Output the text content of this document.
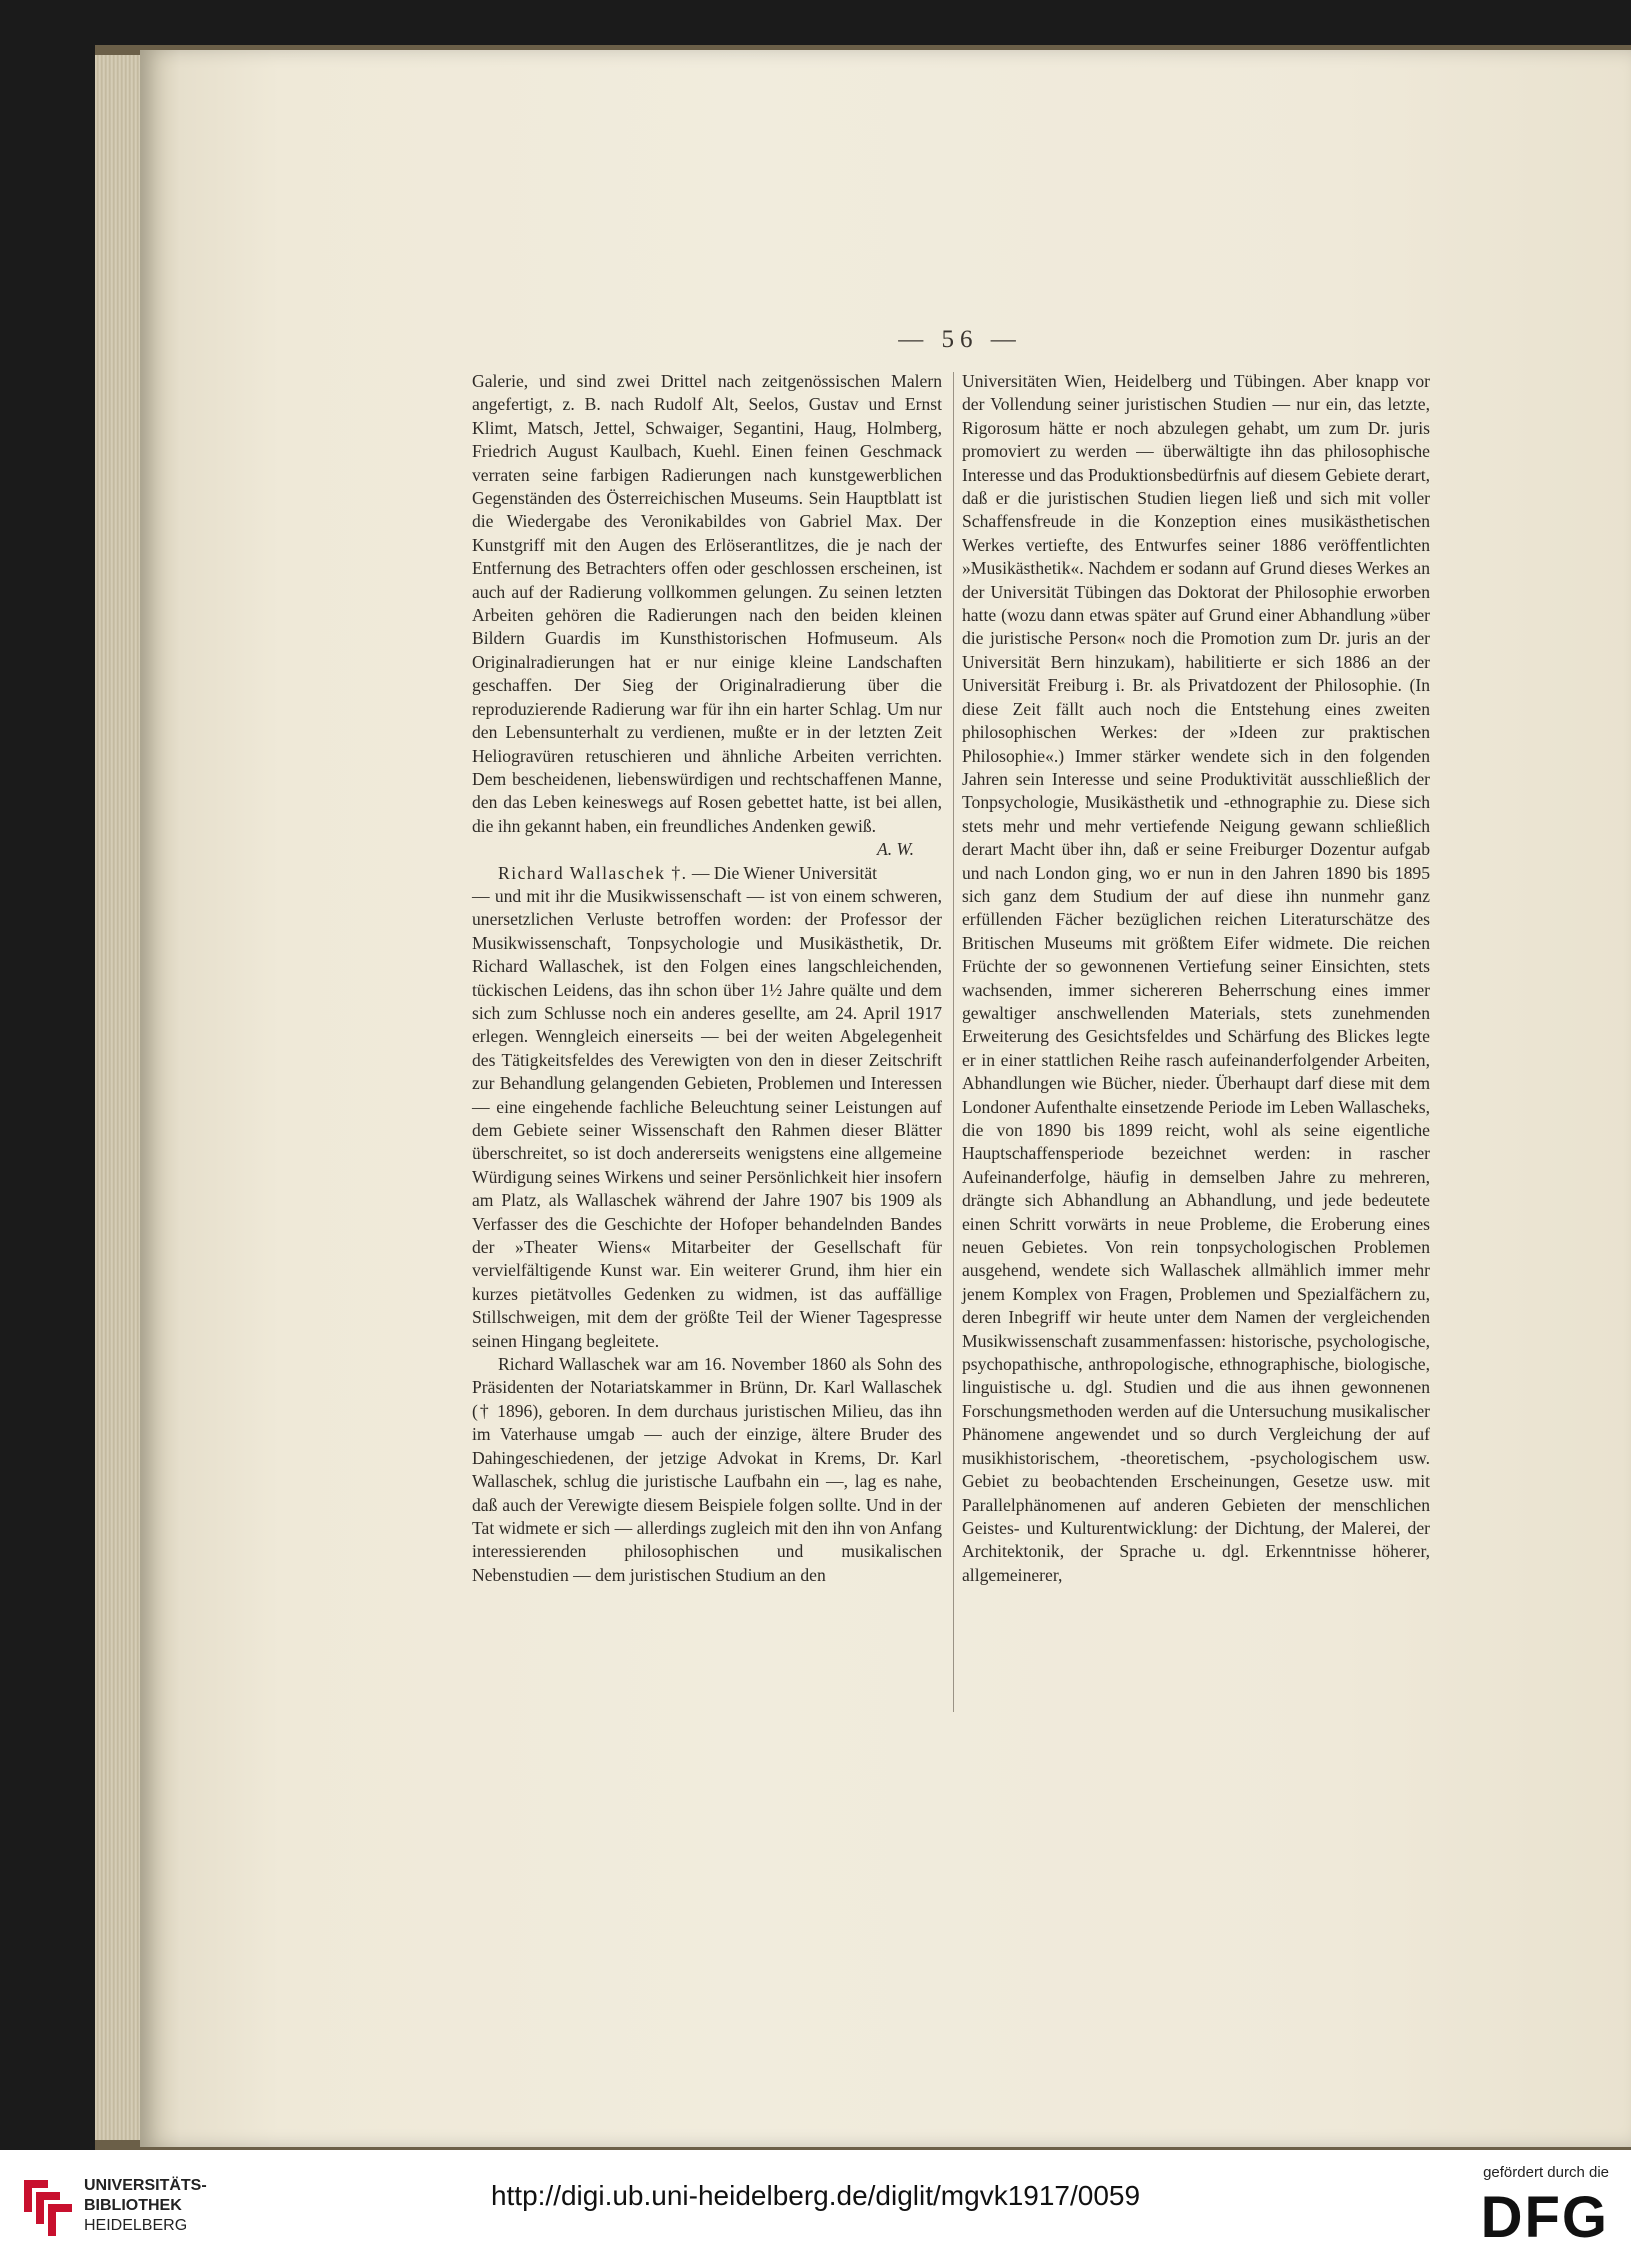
— 56 —

Galerie, und sind zwei Drittel nach zeitgenössischen Malern angefertigt, z. B. nach Rudolf Alt, Seelos, Gustav und Ernst Klimt, Matsch, Jettel, Schwaiger, Segantini, Haug, Holmberg, Friedrich August Kaulbach, Kuehl. Einen feinen Geschmack verraten seine farbigen Radierungen nach kunstgewerblichen Gegenständen des Österreichischen Museums. Sein Hauptblatt ist die Wiedergabe des Veronikabildes von Gabriel Max. Der Kunstgriff mit den Augen des Erlöserantlitzes, die je nach der Entfernung des Betrachters offen oder geschlossen erscheinen, ist auch auf der Radierung vollkommen gelungen. Zu seinen letzten Arbeiten gehören die Radierungen nach den beiden kleinen Bildern Guardis im Kunsthistorischen Hofmuseum. Als Originalradierungen hat er nur einige kleine Landschaften geschaffen. Der Sieg der Originalradierung über die reproduzierende Radierung war für ihn ein harter Schlag. Um nur den Lebensunterhalt zu verdienen, mußte er in der letzten Zeit Heliogravüren retuschieren und ähnliche Arbeiten verrichten. Dem bescheidenen, liebenswürdigen und rechtschaffenen Manne, den das Leben keineswegs auf Rosen gebettet hatte, ist bei allen, die ihn gekannt haben, ein freundliches Andenken gewiß.

A. W.

Richard Wallaschek †. — Die Wiener Universität

— und mit ihr die Musikwissenschaft — ist von einem schweren, unersetzlichen Verluste betroffen worden: der Professor der Musikwissenschaft, Tonpsychologie und Musikästhetik, Dr. Richard Wallaschek, ist den Folgen eines langschleichenden, tückischen Leidens, das ihn schon über 1½ Jahre quälte und dem sich zum Schlusse noch ein anderes gesellte, am 24. April 1917 erlegen. Wenngleich einerseits — bei der weiten Abgelegenheit des Tätigkeitsfeldes des Verewigten von den in dieser Zeitschrift zur Behandlung gelangenden Gebieten, Problemen und Interessen — eine eingehende fachliche Beleuchtung seiner Leistungen auf dem Gebiete seiner Wissenschaft den Rahmen dieser Blätter überschreitet, so ist doch andererseits wenigstens eine allgemeine Würdigung seines Wirkens und seiner Persönlichkeit hier insofern am Platz, als Wallaschek während der Jahre 1907 bis 1909 als Verfasser des die Geschichte der Hofoper behandelnden Bandes der »Theater Wiens« Mitarbeiter der Gesellschaft für vervielfältigende Kunst war. Ein weiterer Grund, ihm hier ein kurzes pietätvolles Gedenken zu widmen, ist das auffällige Stillschweigen, mit dem der größte Teil der Wiener Tagespresse seinen Hingang begleitete.

Richard Wallaschek war am 16. November 1860 als Sohn des Präsidenten der Notariatskammer in Brünn, Dr. Karl Wallaschek († 1896), geboren. In dem durchaus juristischen Milieu, das ihn im Vaterhause umgab — auch der einzige, ältere Bruder des Dahingeschiedenen, der jetzige Advokat in Krems, Dr. Karl Wallaschek, schlug die juristische Laufbahn ein —, lag es nahe, daß auch der Verewigte diesem Beispiele folgen sollte. Und in der Tat widmete er sich — allerdings zugleich mit den ihn von Anfang interessierenden philosophischen und musikalischen Nebenstudien — dem juristischen Studium an den

Universitäten Wien, Heidelberg und Tübingen. Aber knapp vor der Vollendung seiner juristischen Studien — nur ein, das letzte, Rigorosum hätte er noch abzulegen gehabt, um zum Dr. juris promoviert zu werden — überwältigte ihn das philosophische Interesse und das Produktionsbedürfnis auf diesem Gebiete derart, daß er die juristischen Studien liegen ließ und sich mit voller Schaffensfreude in die Konzeption eines musikästhetischen Werkes vertiefte, des Entwurfes seiner 1886 veröffentlichten »Musikästhetik«. Nachdem er sodann auf Grund dieses Werkes an der Universität Tübingen das Doktorat der Philosophie erworben hatte (wozu dann etwas später auf Grund einer Abhandlung »über die juristische Person« noch die Promotion zum Dr. juris an der Universität Bern hinzukam), habilitierte er sich 1886 an der Universität Freiburg i. Br. als Privatdozent der Philosophie. (In diese Zeit fällt auch noch die Entstehung eines zweiten philosophischen Werkes: der »Ideen zur praktischen Philosophie«.) Immer stärker wendete sich in den folgenden Jahren sein Interesse und seine Produktivität ausschließlich der Tonpsychologie, Musikästhetik und -ethnographie zu. Diese sich stets mehr und mehr vertiefende Neigung gewann schließlich derart Macht über ihn, daß er seine Freiburger Dozentur aufgab und nach London ging, wo er nun in den Jahren 1890 bis 1895 sich ganz dem Studium der auf diese ihn nunmehr ganz erfüllenden Fächer bezüglichen reichen Literaturschätze des Britischen Museums mit größtem Eifer widmete. Die reichen Früchte der so gewonnenen Vertiefung seiner Einsichten, stets wachsenden, immer sichereren Beherrschung eines immer gewaltiger anschwellenden Materials, stets zunehmenden Erweiterung des Gesichtsfeldes und Schärfung des Blickes legte er in einer stattlichen Reihe rasch aufeinanderfolgender Arbeiten, Abhandlungen wie Bücher, nieder. Überhaupt darf diese mit dem Londoner Aufenthalte einsetzende Periode im Leben Wallascheks, die von 1890 bis 1899 reicht, wohl als seine eigentliche Hauptschaffensperiode bezeichnet werden: in rascher Aufeinanderfolge, häufig in demselben Jahre zu mehreren, drängte sich Abhandlung an Abhandlung, und jede bedeutete einen Schritt vorwärts in neue Probleme, die Eroberung eines neuen Gebietes. Von rein tonpsychologischen Problemen ausgehend, wendete sich Wallaschek allmählich immer mehr jenem Komplex von Fragen, Problemen und Spezialfächern zu, deren Inbegriff wir heute unter dem Namen der vergleichenden Musikwissenschaft zusammenfassen: historische, psychologische, psychopathische, anthropologische, ethnographische, biologische, linguistische u. dgl. Studien und die aus ihnen gewonnenen Forschungsmethoden werden auf die Untersuchung musikalischer Phänomene angewendet und so durch Vergleichung der auf musikhistorischem, -theoretischem, -psychologischem usw. Gebiet zu beobachtenden Erscheinungen, Gesetze usw. mit Parallelphänomenen auf anderen Gebieten der menschlichen Geistes- und Kulturentwicklung: der Dichtung, der Malerei, der Architektonik, der Sprache u. dgl. Erkenntnisse höherer, allgemeinerer,

UNIVERSITÄTS-
BIBLIOTHEK
HEIDELBERG
http://digi.ub.uni-heidelberg.de/diglit/mgvk1917/0059
gefördert durch die
DFG
